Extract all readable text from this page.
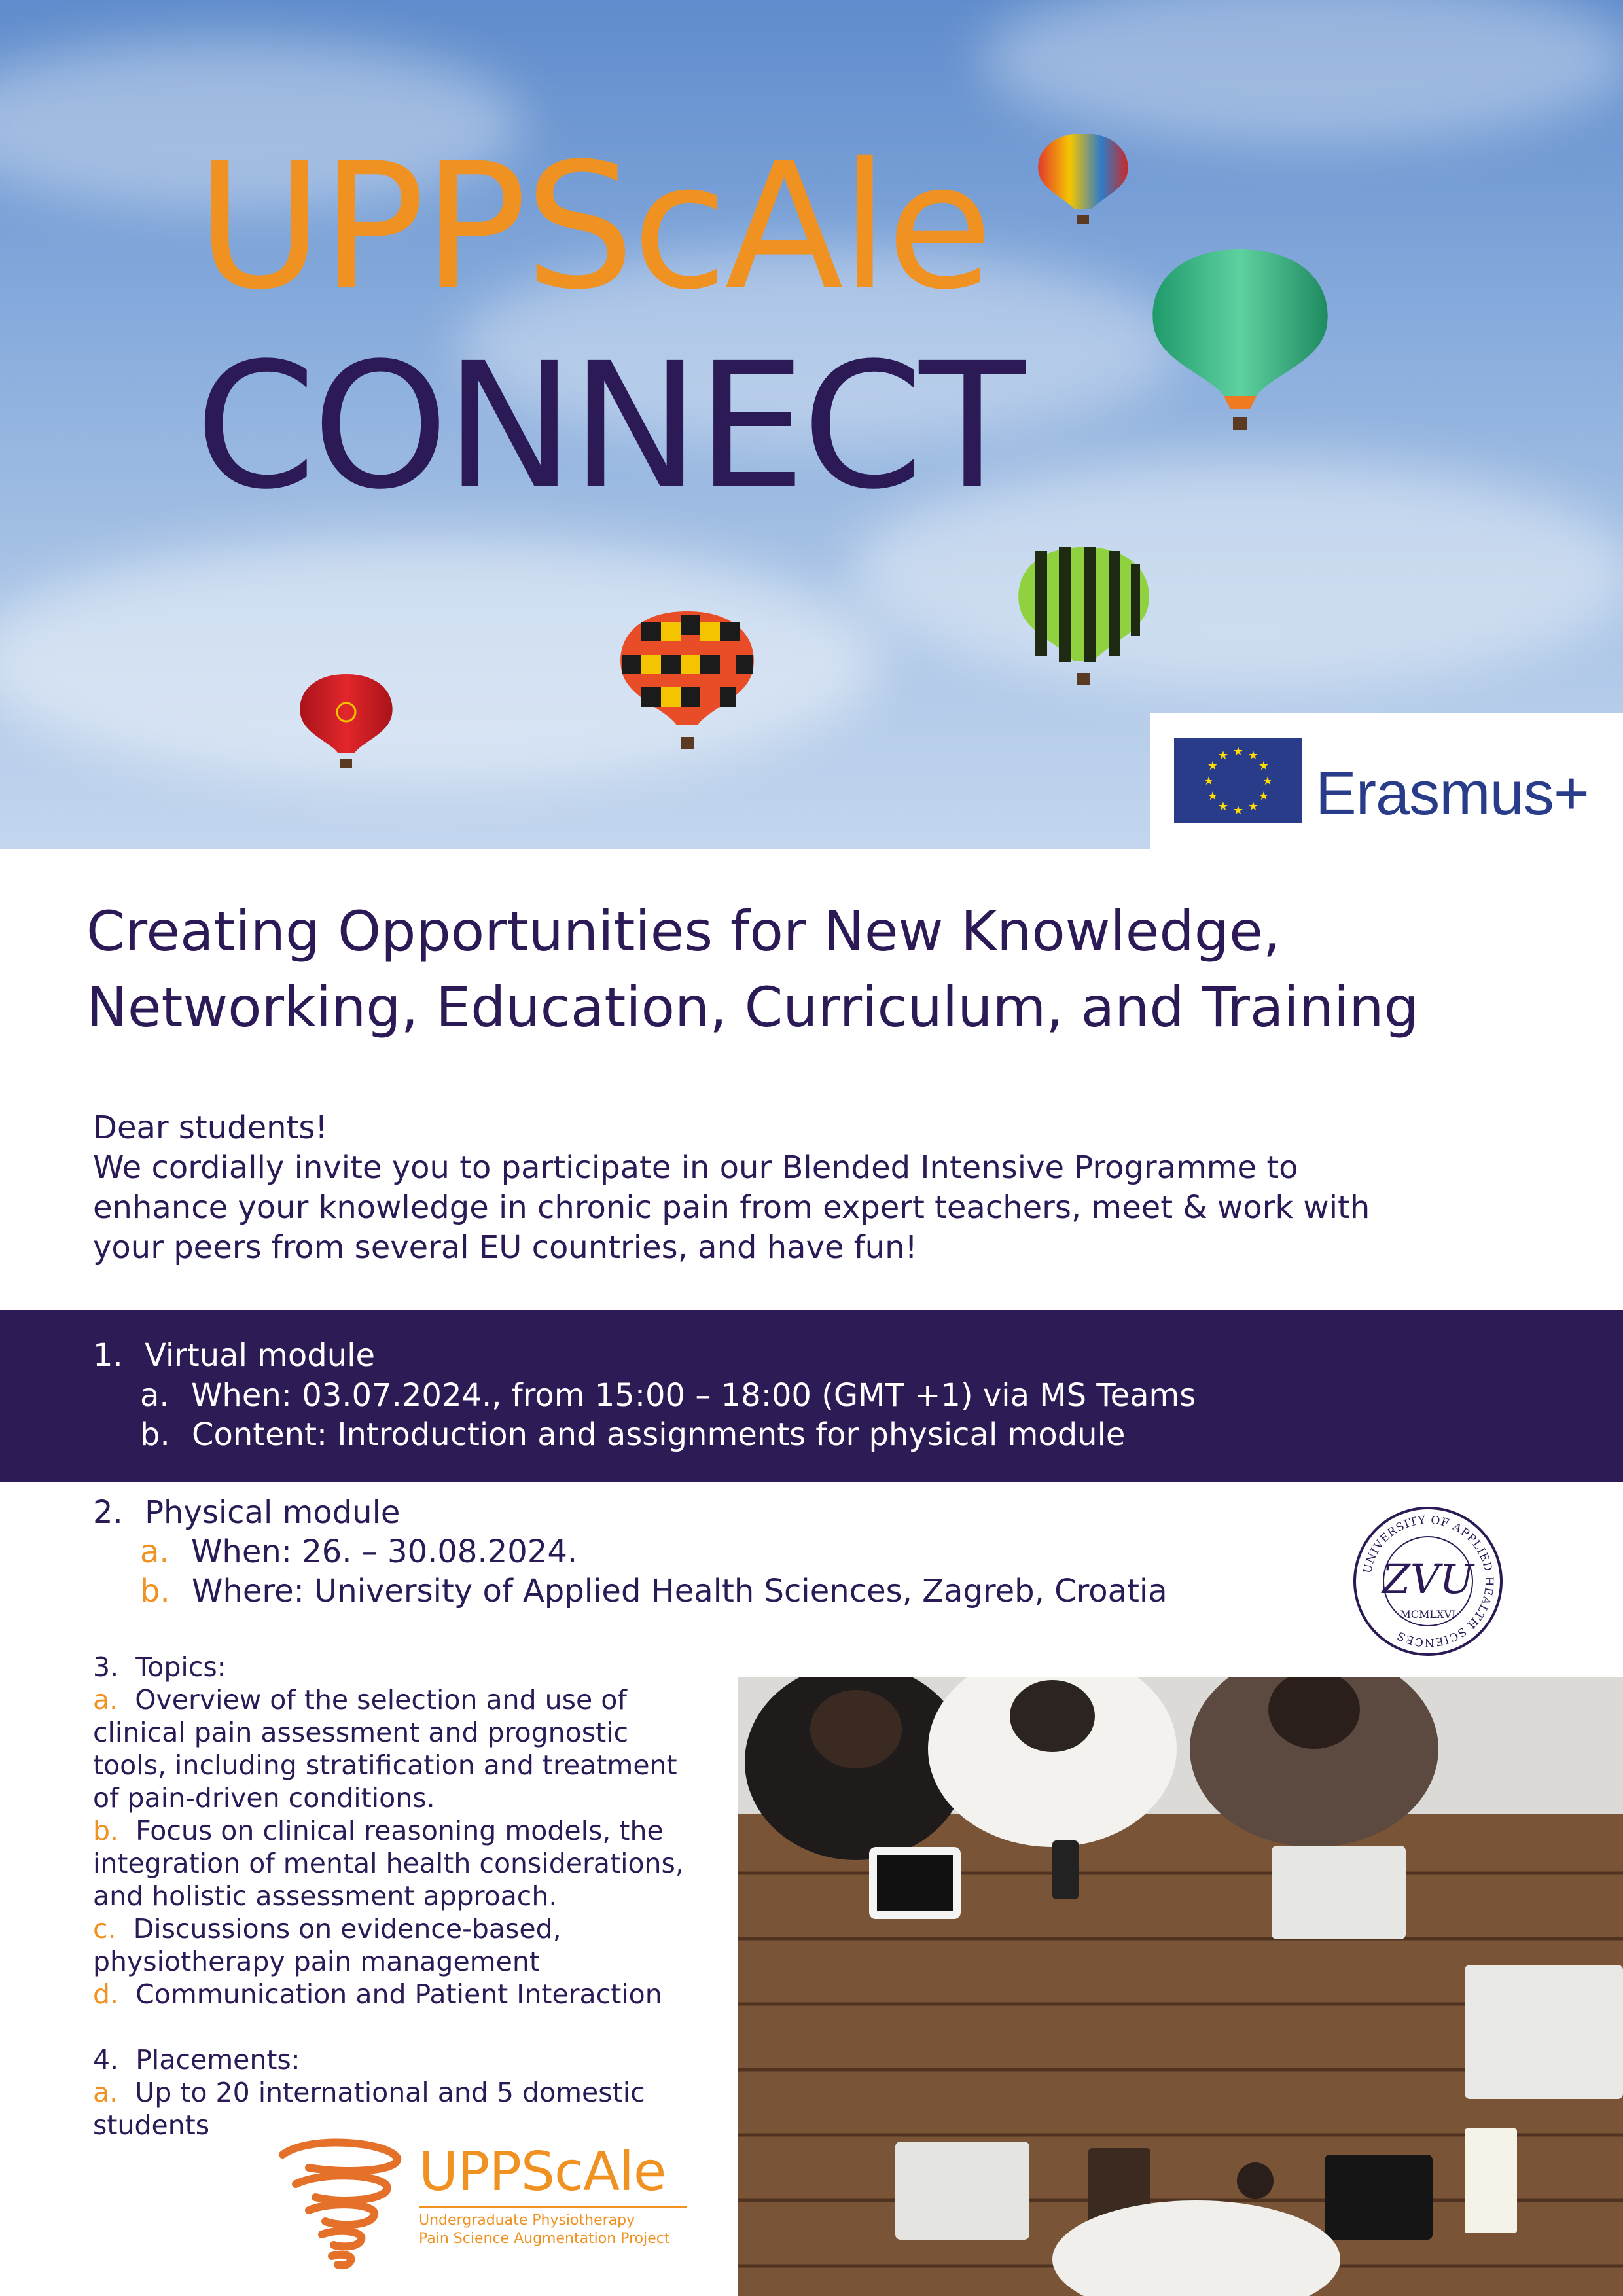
UPPScAle
CONNECT
★ ★
★
★
★
★
★
★
★
★
★
★
Erasmus+
Creating Opportunities for New Knowledge,
Networking, Education, Curriculum, and Training
Dear students!
We cordially invite you to participate in our Blended Intensive Programme to
enhance your knowledge in chronic pain from expert teachers, meet & work with
your peers from several EU countries, and have fun!
1. Virtual module
a. When: 03.07.2024., from 15:00 – 18:00 (GMT +1) via MS Teams
b. Content: Introduction and assignments for physical module
2. Physical module
a. When: 26. – 30.08.2024.
b. Where: University of Applied Health Sciences, Zagreb, Croatia
UNIVERSITY OF APPLIED HEALTH SCIENCES
ZVU
MCMLXVI
3. Topics:
a. Overview of the selection and use of
clinical pain assessment and prognostic
tools, including stratification and treatment
of pain-driven conditions.
b. Focus on clinical reasoning models, the
integration of mental health considerations,
and holistic assessment approach.
c. Discussions on evidence-based,
physiotherapy pain management
d. Communication and Patient Interaction
4. Placements:
a. Up to 20 international and 5 domestic
students
UPPScAle
Undergraduate Physiotherapy
Pain Science Augmentation Project
